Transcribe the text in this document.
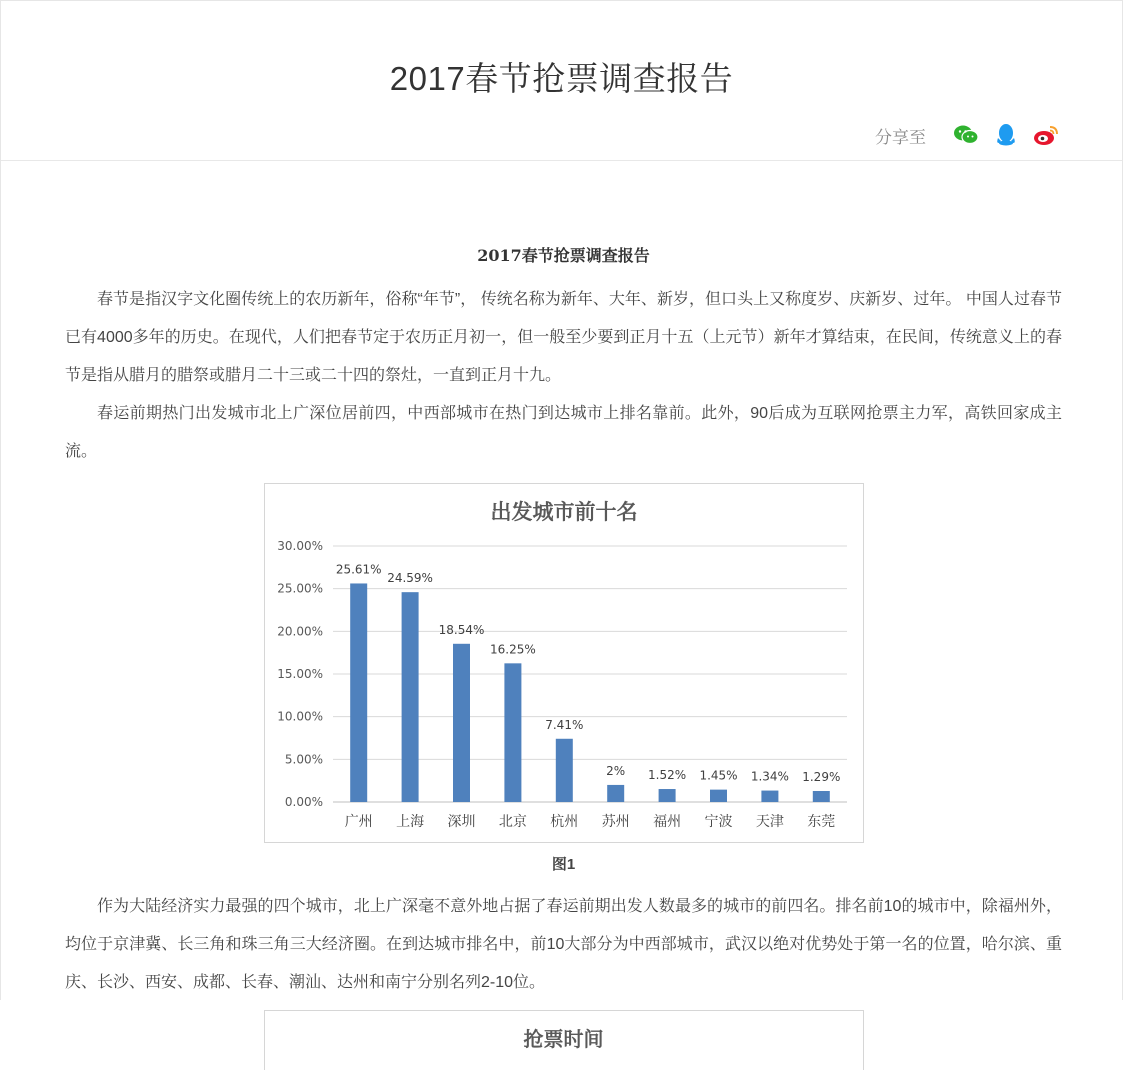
2017春节抢票调查报告
分享至
2017春节抢票调查报告

春节是指汉字文化圈传统上的农历新年，俗称“年节”， 传统名称为新年、大年、新岁，但口头上又称度岁、庆新岁、过年。 中国人过春节已有4000多年的历史。在现代，人们把春节定于农历正月初一，但一般至少要到正月十五（上元节）新年才算结束，在民间，传统意义上的春节是指从腊月的腊祭或腊月二十三或二十四的祭灶，一直到正月十九。

春运前期热门出发城市北上广深位居前四，中西部城市在热门到达城市上排名靠前。此外，90后成为互联网抢票主力军，高铁回家成主流。

出发城市前十名
0.00%
5.00%
10.00%
15.00%
20.00%
25.00%
30.00%
25.61%
广州
24.59%
上海
18.54%
深圳
16.25%
北京
7.41%
杭州
2%
苏州
1.52%
福州
1.45%
宁波
1.34%
天津
1.29%
东莞
图1

作为大陆经济实力最强的四个城市，北上广深毫不意外地占据了春运前期出发人数最多的城市的前四名。排名前10的城市中，除福州外，均位于京津冀、长三角和珠三角三大经济圈。在到达城市排名中，前10大部分为中西部城市，武汉以绝对优势处于第一名的位置，哈尔滨、重庆、长沙、西安、成都、长春、潮汕、达州和南宁分别名列2-10位。

抢票时间
